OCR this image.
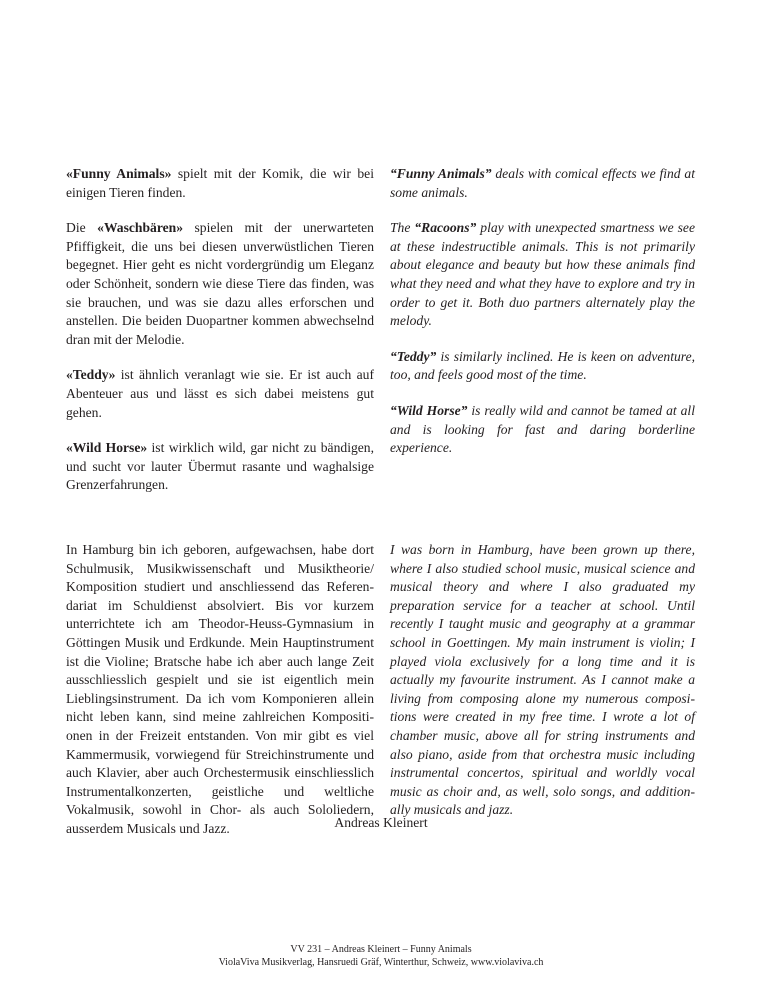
«Funny Animals» spielt mit der Komik, die wir bei einigen Tieren finden.

Die «Waschbären» spielen mit der unerwarteten Pfiffigkeit, die uns bei diesen unverwüstlichen Tieren begegnet. Hier geht es nicht vordergründig um Eleganz oder Schönheit, sondern wie diese Tiere das finden, was sie brauchen, und was sie dazu alles erforschen und anstellen. Die beiden Duopartner kommen abwechselnd dran mit der Melodie.

«Teddy» ist ähnlich veranlagt wie sie. Er ist auch auf Abenteuer aus und lässt es sich dabei meistens gut gehen.

«Wild Horse» ist wirklich wild, gar nicht zu bändigen, und sucht vor lauter Übermut rasante und waghalsige Grenzerfahrungen.

“Funny Animals” deals with comical effects we find at some animals.

The “Racoons” play with unexpected smartness we see at these indestructible animals. This is not primarily about elegance and beauty but how these animals find what they need and what they have to explore and try in order to get it. Both duo partners alternately play the melody.

“Teddy” is similarly inclined. He is keen on adventure, too, and feels good most of the time.

“Wild Horse” is really wild and cannot be tamed at all and is looking for fast and daring borderline experience.

In Hamburg bin ich geboren, aufgewachsen, habe dort Schulmusik, Musikwissenschaft und Musiktheorie/​Komposition studiert und anschliessend das Referendariat im Schuldienst absolviert. Bis vor kurzem unterrichtete ich am Theodor-Heuss-Gymnasium in Göttingen Musik und Erdkunde. Mein Hauptinstrument ist die Violine; Bratsche habe ich aber auch lange Zeit ausschliesslich gespielt und sie ist eigentlich mein Lieblingsinstrument. Da ich vom Komponieren allein nicht leben kann, sind meine zahlreichen Kompositionen in der Freizeit entstanden. Von mir gibt es viel Kammermusik, vorwiegend für Streichinstrumente und auch Klavier, aber auch Orchestermusik einschliesslich Instrumentalkonzerten, geistliche und weltliche Vokalmusik, sowohl in Chor- als auch Sololiedern, ausserdem Musicals und Jazz.

I was born in Hamburg, have been grown up there, where I also studied school music, musical science and musical theory and where I also graduated my preparation service for a teacher at school. Until recently I taught music and geography at a grammar school in Goettingen. My main instrument is violin; I played viola exclusively for a long time and it is actually my favourite instrument. As I cannot make a living from composing alone my numerous compositions were created in my free time. I wrote a lot of chamber music, above all for string instruments and also piano, aside from that orchestra music including instrumental concertos, spiritual and worldly vocal music as choir and, as well, solo songs, and additionally musicals and jazz.

Andreas Kleinert
VV 231 – Andreas Kleinert – Funny Animals
ViolaViva Musikverlag, Hansruedi Gräf, Winterthur, Schweiz, www.violaviva.ch
